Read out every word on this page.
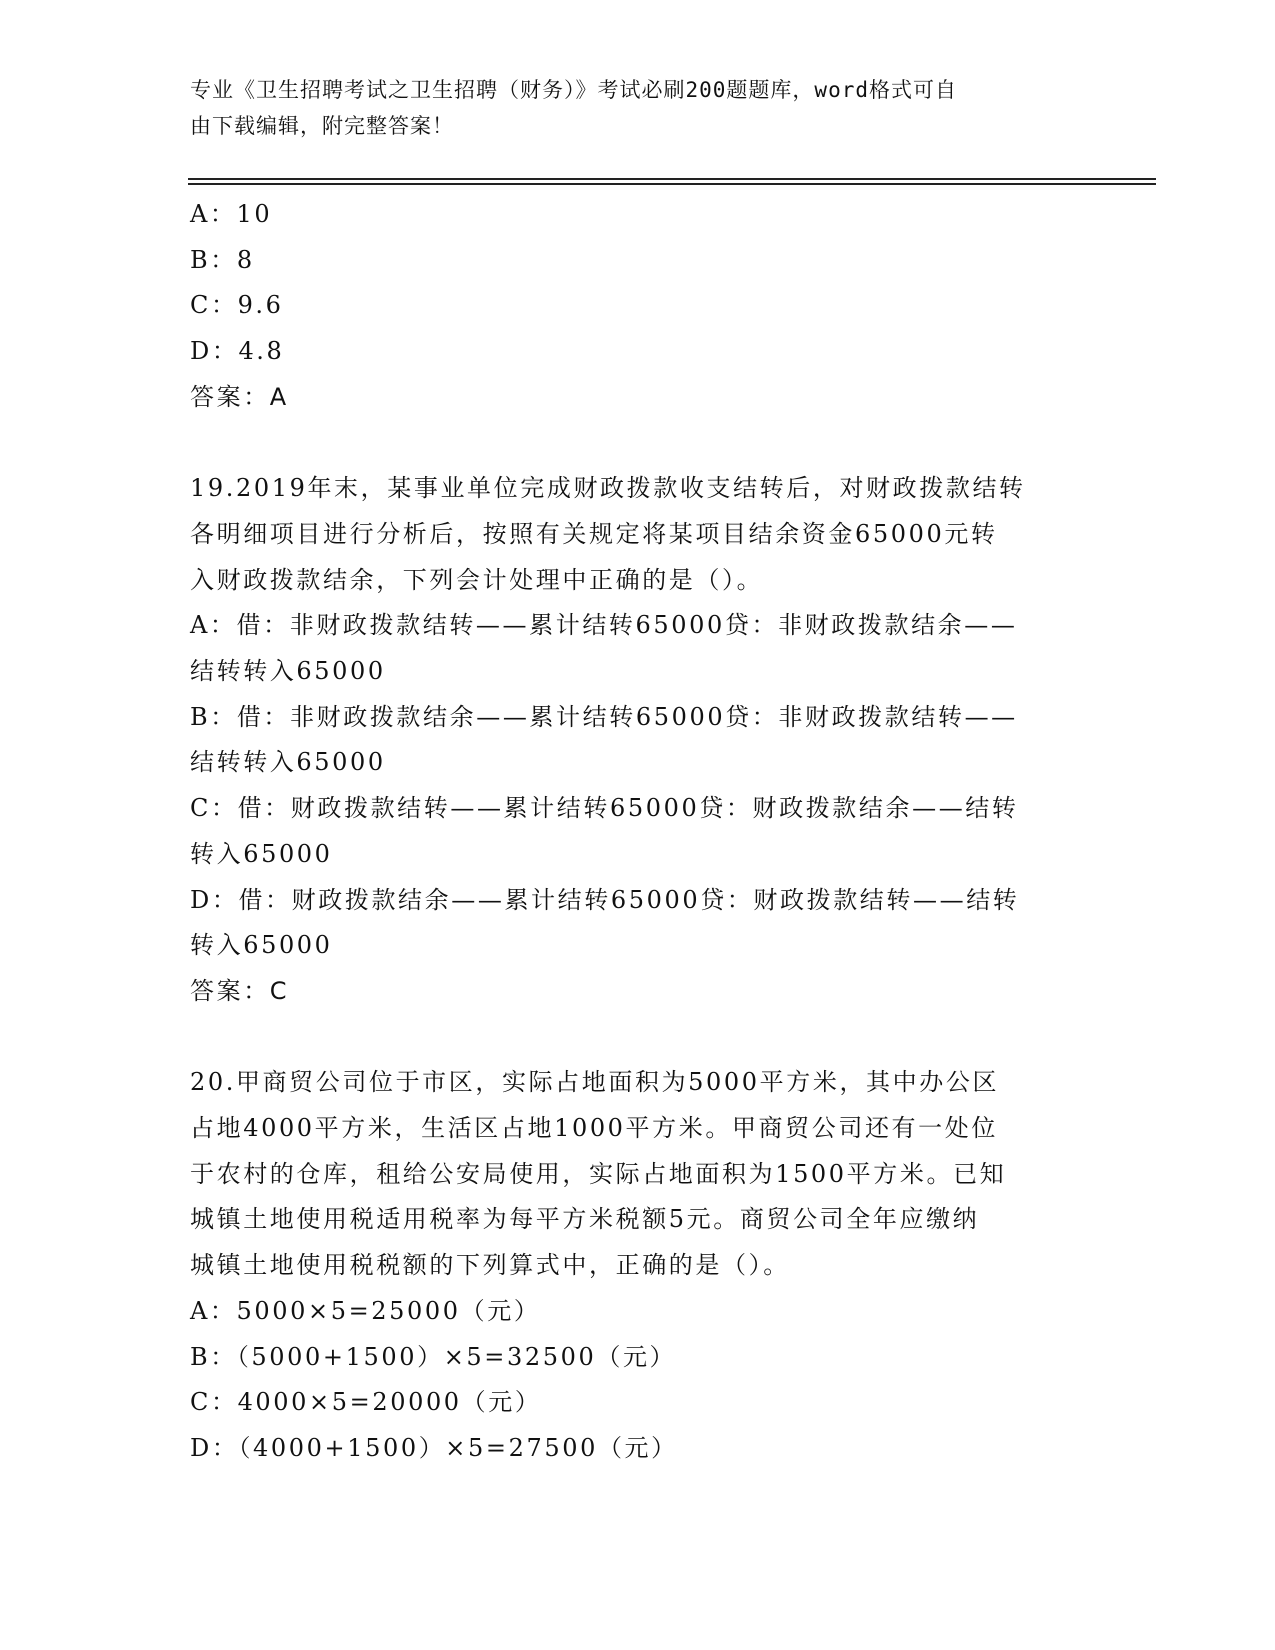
专业《卫生招聘考试之卫生招聘（财务）》考试必刷200题题库，word格式可自
由下载编辑，附完整答案！
A：10
B：8
C：9.6
D：4.8
答案：A
19.2019年末，某事业单位完成财政拨款收支结转后，对财政拨款结转
各明细项目进行分析后，按照有关规定将某项目结余资金65000元转
入财政拨款结余，下列会计处理中正确的是（）。
A：借：非财政拨款结转——累计结转65000贷：非财政拨款结余——
结转转入65000
B：借：非财政拨款结余——累计结转65000贷：非财政拨款结转——
结转转入65000
C：借：财政拨款结转——累计结转65000贷：财政拨款结余——结转
转入65000
D：借：财政拨款结余——累计结转65000贷：财政拨款结转——结转
转入65000
答案：C
20.甲商贸公司位于市区，实际占地面积为5000平方米，其中办公区
占地4000平方米，生活区占地1000平方米。甲商贸公司还有一处位
于农村的仓库，租给公安局使用，实际占地面积为1500平方米。已知
城镇土地使用税适用税率为每平方米税额5元。商贸公司全年应缴纳
城镇土地使用税税额的下列算式中，正确的是（）。
A：5000×5=25000（元）
B：（5000+1500）×5=32500（元）
C：4000×5=20000（元）
D：（4000+1500）×5=27500（元）
